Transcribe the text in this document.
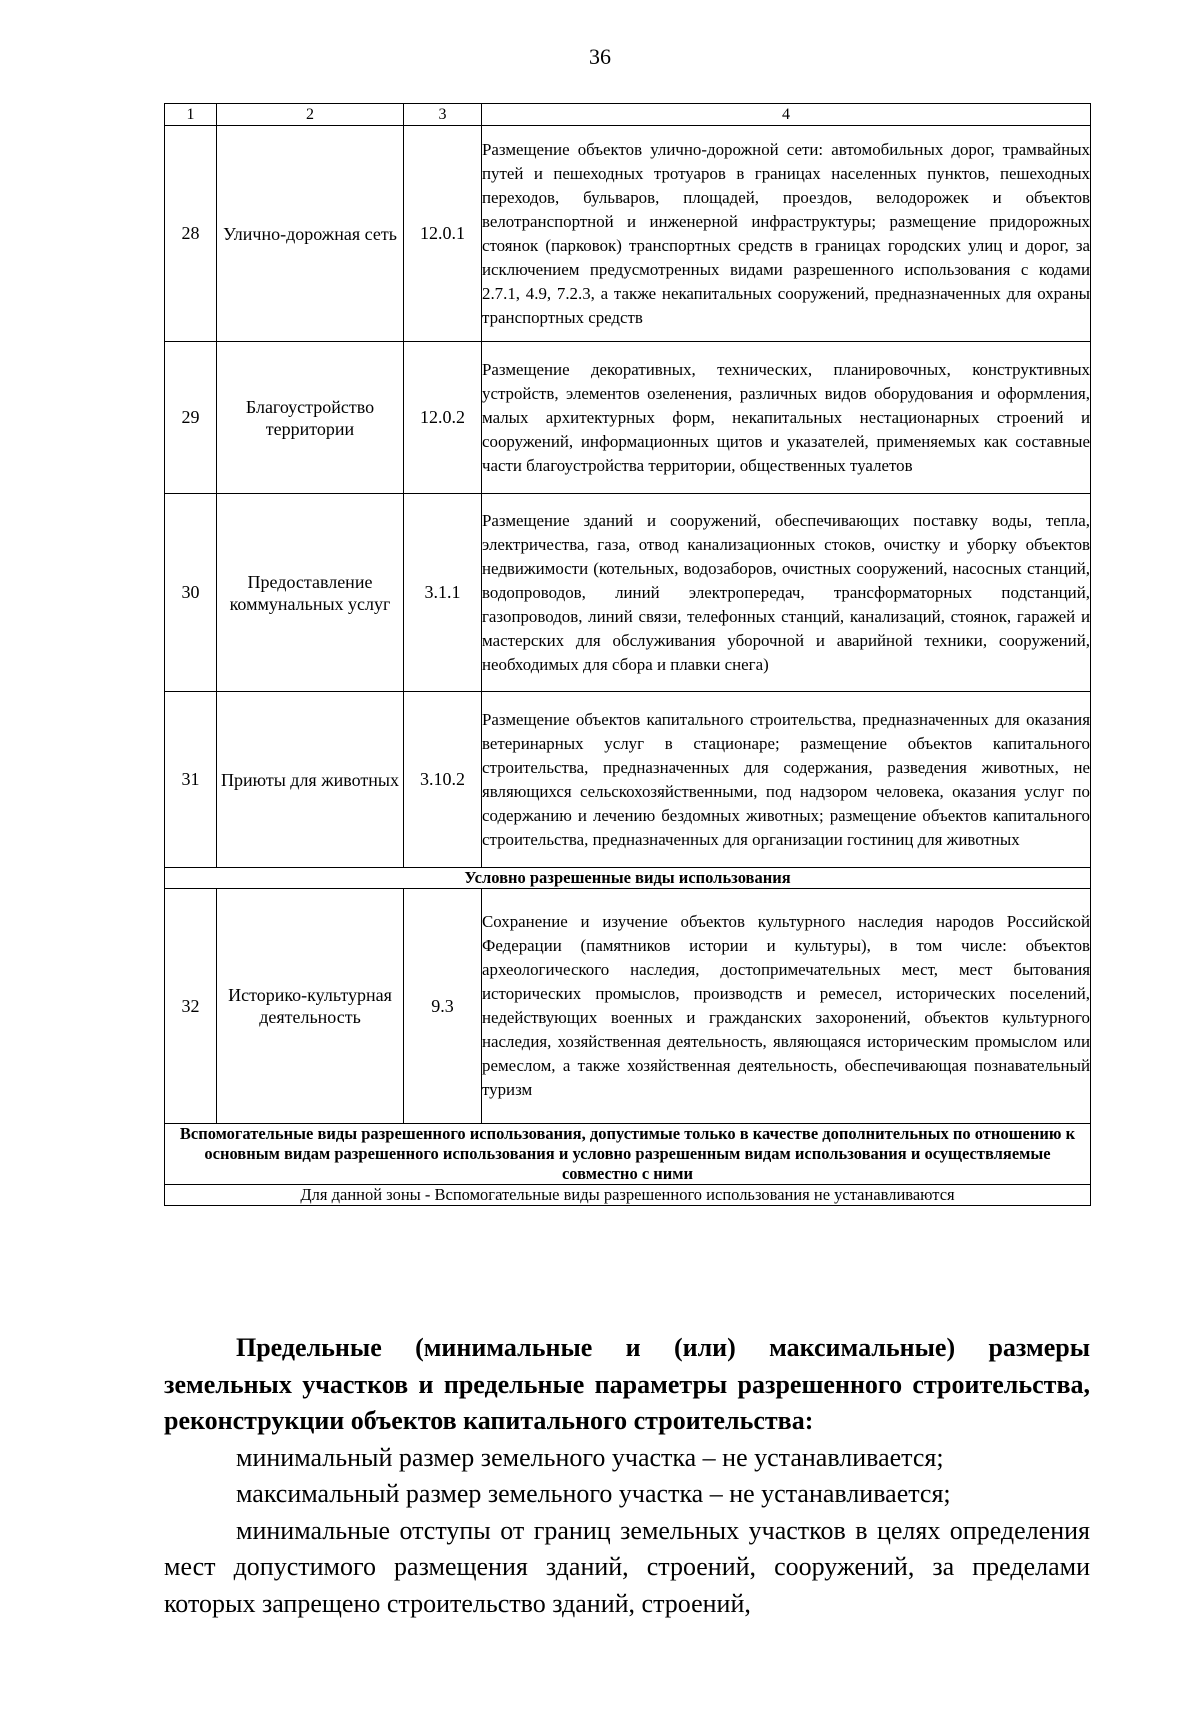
36
1	2	3	4
28	Улично-дорожная сеть	12.0.1	Размещение объектов улично-дорожной сети: автомобильных дорог, трамвайных путей и пешеходных тротуаров в границах населенных пунктов, пешеходных переходов, бульваров, площадей, проездов, велодорожек и объектов велотранспортной и инженерной инфраструктуры; размещение придорожных стоянок (парковок) транспортных средств в границах городских улиц и дорог, за исключением предусмотренных видами разрешенного использования с кодами 2.7.1, 4.9, 7.2.3, а также некапитальных сооружений, предназначенных для охраны транспортных средств
29	Благоустройство территории	12.0.2	Размещение декоративных, технических, планировочных, конструктивных устройств, элементов озеленения, различных видов оборудования и оформления, малых архитектурных форм, некапитальных нестационарных строений и сооружений, информационных щитов и указателей, применяемых как составные части благоустройства территории, общественных туалетов
30	Предоставление коммунальных услуг	3.1.1	Размещение зданий и сооружений, обеспечивающих поставку воды, тепла, электричества, газа, отвод канализационных стоков, очистку и уборку объектов недвижимости (котельных, водозаборов, очистных сооружений, насосных станций, водопроводов, линий электропередач, трансформаторных подстанций, газопроводов, линий связи, телефонных станций, канализаций, стоянок, гаражей и мастерских для обслуживания уборочной и аварийной техники, сооружений, необходимых для сбора и плавки снега)
31	Приюты для животных	3.10.2	Размещение объектов капитального строительства, предназначенных для оказания ветеринарных услуг в стационаре; размещение объектов капитального строительства, предназначенных для содержания, разведения животных, не являющихся сельскохозяйственными, под надзором человека, оказания услуг по содержанию и лечению бездомных животных; размещение объектов капитального строительства, предназначенных для организации гостиниц для животных
Условно разрешенные виды использования			
32	Историко-культурная деятельность	9.3	Сохранение и изучение объектов культурного наследия народов Российской Федерации (памятников истории и культуры), в том числе: объектов археологического наследия, достопримечательных мест, мест бытования исторических промыслов, производств и ремесел, исторических поселений, недействующих военных и гражданских захоронений, объектов культурного наследия, хозяйственная деятельность, являющаяся историческим промыслом или ремеслом, а также хозяйственная деятельность, обеспечивающая познавательный туризм
Вспомогательные виды разрешенного использования, допустимые только в качестве дополнительных по отношению к основным видам разрешенного использования и условно разрешенным видам использования и осуществляемые совместно с ними			
Для данной зоны - Вспомогательные виды разрешенного использования не устанавливаются			
Предельные (минимальные и (или) максимальные) размеры земельных участков и предельные параметры разрешенного строительства, реконструкции объектов капитального строительства:
минимальный размер земельного участка – не устанавливается;
максимальный размер земельного участка – не устанавливается;
минимальные отступы от границ земельных участков в целях определения мест допустимого размещения зданий, строений, сооружений, за пределами которых запрещено строительство зданий, строений,
